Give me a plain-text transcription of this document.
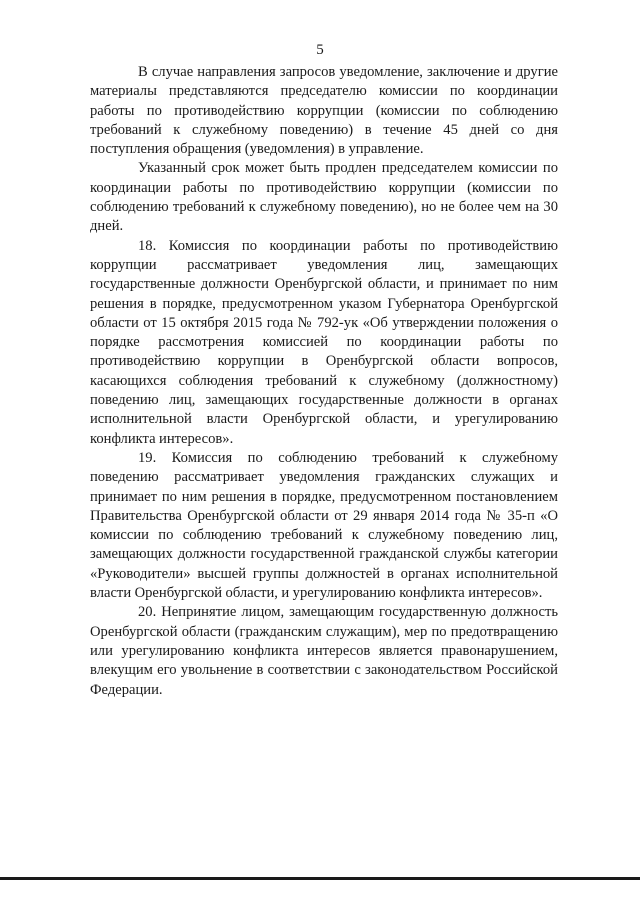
5

В случае направления запросов уведомление, заключение и другие материалы представляются председателю комиссии по координации работы по противодействию коррупции (комиссии по соблюдению требований к служебному поведению) в течение 45 дней со дня поступления обращения (уведомления) в управление.

Указанный срок может быть продлен председателем комиссии по координации работы по противодействию коррупции (комиссии по соблюдению требований к служебному поведению), но не более чем на 30 дней.

18. Комиссия по координации работы по противодействию коррупции рассматривает уведомления лиц, замещающих государственные должности Оренбургской области, и принимает по ним решения в порядке, предусмотренном указом Губернатора Оренбургской области от 15 октября 2015 года № 792-ук «Об утверждении положения о порядке рассмотрения комиссией по координации работы по противодействию коррупции в Оренбургской области вопросов, касающихся соблюдения требований к служебному (должностному) поведению лиц, замещающих государственные должности в органах исполнительной власти Оренбургской области, и урегулированию конфликта интересов».

19. Комиссия по соблюдению требований к служебному поведению рассматривает уведомления гражданских служащих и принимает по ним решения в порядке, предусмотренном постановлением Правительства Оренбургской области от 29 января 2014 года № 35-п «О комиссии по соблюдению требований к служебному поведению лиц, замещающих должности государственной гражданской службы категории «Руководители» высшей группы должностей в органах исполнительной власти Оренбургской области, и урегулированию конфликта интересов».

20. Непринятие лицом, замещающим государственную должность Оренбургской области (гражданским служащим), мер по предотвращению или урегулированию конфликта интересов является правонарушением, влекущим его увольнение в соответствии с законодательством Российской Федерации.
